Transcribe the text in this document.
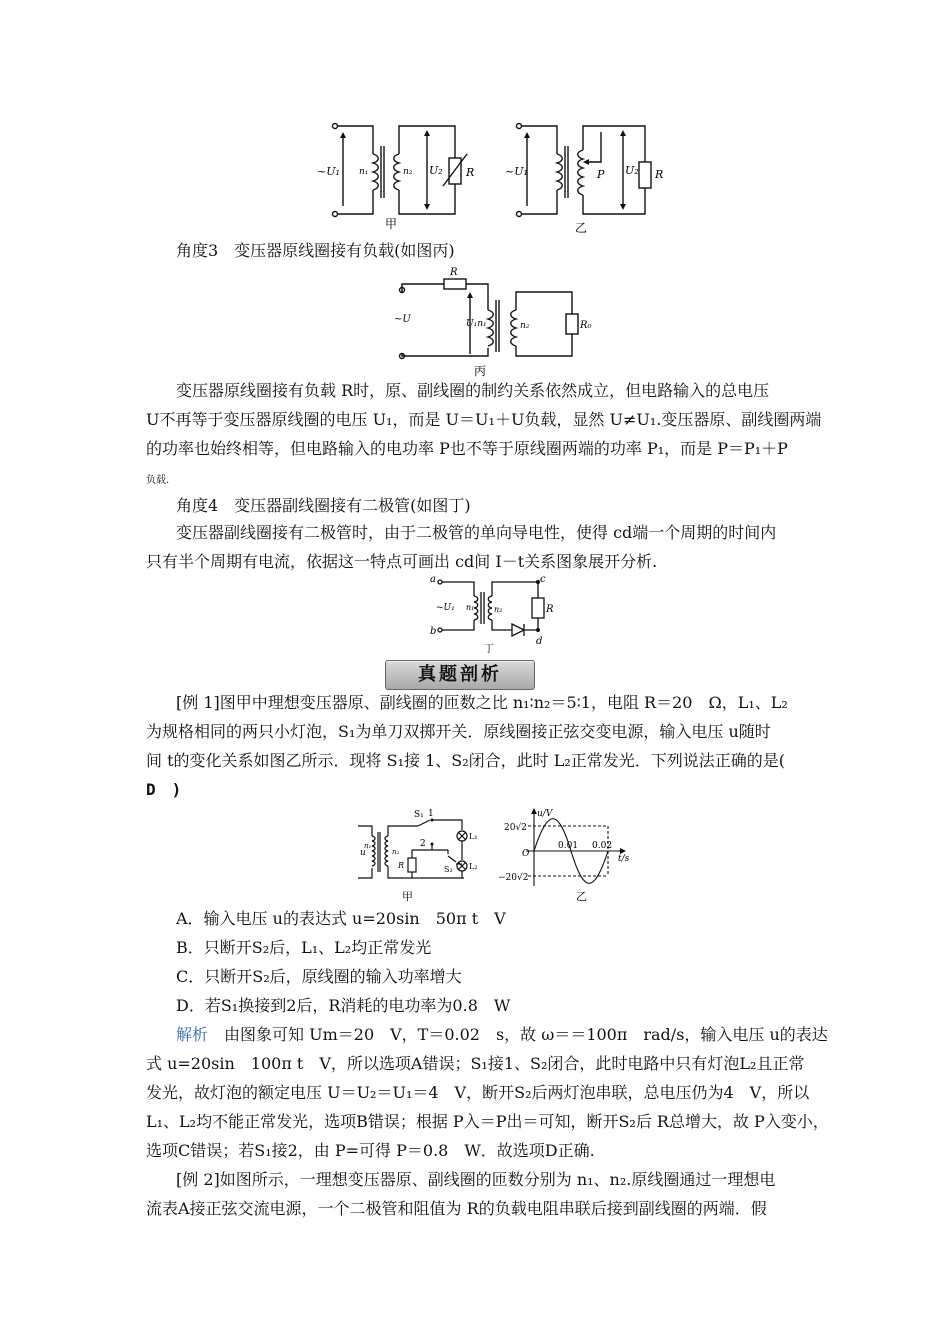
~U₁ n₁	n₂ U₂ R
甲
~U₁	P U₂ R
乙
角度3　变压器原线圈接有负载(如图丙)
R
~U	U₁n₁	n₂	R₀
丙
变压器原线圈接有负载 R时，原、副线圈的制约关系依然成立，但电路输入的总电压
U不再等于变压器原线圈的电压 U₁，而是 U＝U₁＋U负载，显然 U≠U₁.变压器原、副线圈两端
的功率也始终相等，但电路输入的电功率 P也不等于原线圈两端的功率 P₁，而是 P＝P₁＋P
负载.
角度4　变压器副线圈接有二极管(如图丁)
变压器副线圈接有二极管时，由于二极管的单向导电性，使得 cd端一个周期的时间内
只有半个周期有电流，依据这一特点可画出 cd间 I－t关系图象展开分析.
a
b
c
d
~U₁ n₁ n₂	R
丁
真题剖析
[例 1]图甲中理想变压器原、副线圈的匝数之比 n₁∶n₂＝5∶1，电阻 R＝20　Ω，L₁、L₂
为规格相同的两只小灯泡，S₁为单刀双掷开关．原线圈接正弦交变电源，输入电压 u随时
间 t的变化关系如图乙所示．现将 S₁接 1、S₂闭合，此时 L₂正常发光．下列说法正确的是(
D　)
S₁ 1
2
u
n₁
n₂
R	S₂
L₁
L₂
甲
u/V
20√2
−20√2
O
0.01 0.02
t/s
乙
A．输入电压 u的表达式 u=20sin　50π t　V
B．只断开S₂后，L₁、L₂均正常发光
C．只断开S₂后，原线圈的输入功率增大
D．若S₁换接到2后，R消耗的电功率为0.8　W
解析　由图象可知 Um＝20　V，T＝0.02　s，故 ω＝＝100π　rad/s，输入电压 u的表达
式 u=20sin　100π t　V，所以选项A错误；S₁接1、S₂闭合，此时电路中只有灯泡L₂且正常
发光，故灯泡的额定电压 U＝U₂＝U₁＝4　V，断开S₂后两灯泡串联，总电压仍为4　V，所以
L₁、L₂均不能正常发光，选项B错误；根据 P入＝P出＝可知，断开S₂后 R总增大，故 P入变小，
选项C错误；若S₁接2，由 P=可得 P＝0.8　W．故选项D正确.
[例 2]如图所示，一理想变压器原、副线圈的匝数分别为 n₁、n₂.原线圈通过一理想电
流表A接正弦交流电源，一个二极管和阻值为 R的负载电阻串联后接到副线圈的两端．假
